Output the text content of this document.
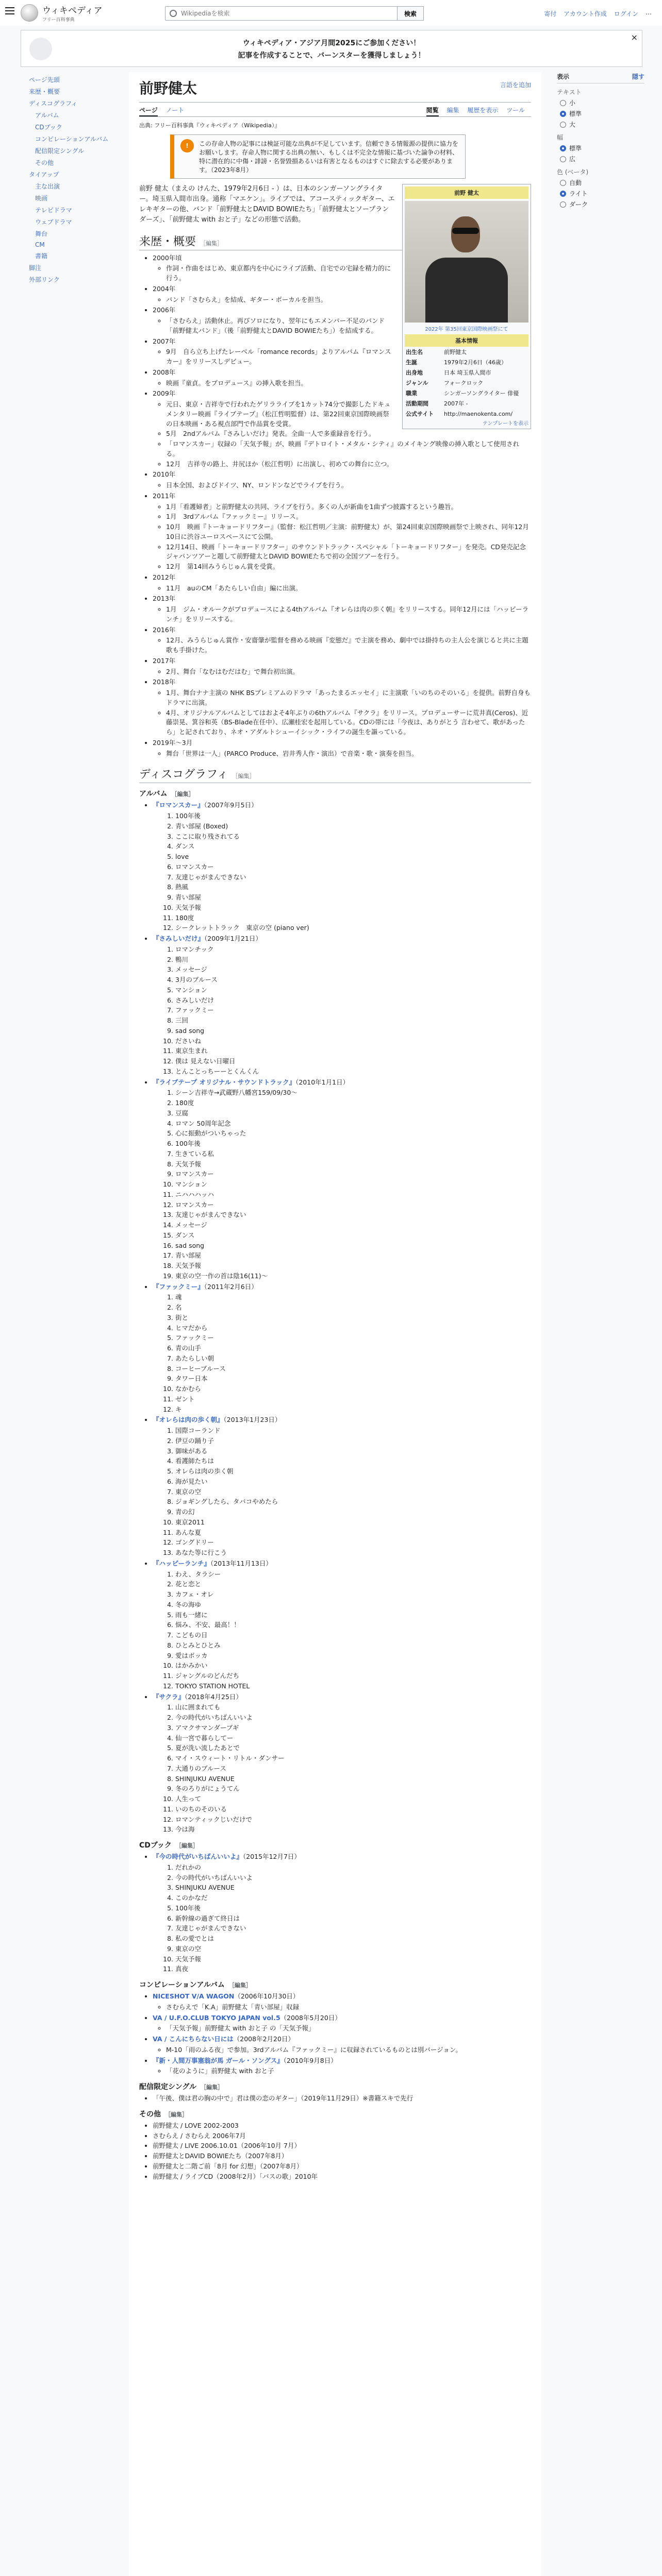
ウィキペディア
フリー百科事典
Wikipediaを検索
検索	寄付 アカウント作成 ログイン ⋯
ウィキペディア・アジア月間2025にご参加ください！
記事を作成することで、バーンスターを獲得しましょう！
×
ページ先頭
来歴・概要
ディスコグラフィ
アルバム
CDブック
コンピレーションアルバム
配信限定シングル
その他
タイアップ
主な出演
映画
テレビドラマ
ウェブドラマ
舞台
CM
書籍
脚注
外部リンク
前野健太	言語を追加
ページ ノート	閲覧 編集 履歴を表示 ツール
出典: フリー百科事典『ウィキペディア（Wikipedia）』
!	この存命人物の記事には検証可能な出典が不足しています。信頼できる情報源の提供に協力をお願いします。存命人物に関する出典の無い、もしくは不完全な情報に基づいた論争の材料、特に潜在的に中傷・誹謗・名誉毀損あるいは有害となるものはすぐに除去する必要があります。（2023年8月）
前野 健太
2022年 第35回東京国際映画祭にて
基本情報
出生名	前野健太
生誕	1979年2月6日（46歳）
出身地	日本 埼玉県入間市
ジャンル	フォークロック
職業	シンガーソングライター 俳優
活動期間	2007年 -
公式サイト	http://maenokenta.com/
テンプレートを表示

前野 健太（まえの けんた、1979年2月6日 - ）は、日本のシンガーソングライター。埼玉県入間市出身。通称「マエケン」。ライブでは、アコースティックギター、エレキギターの他、バンド「前野健太とDAVID BOWIEたち」「前野健太とソープランダーズ」、「前野健太 with おと子」などの形態で活動。

来歴・概要 ［編集］
• 2000年頃
◦ 作詞・作曲をはじめ、東京都内を中心にライブ活動、自宅での宅録を精力的に行う。
• 2004年
◦ バンド「さむらえ」を結成、ギター・ボーカルを担当。
• 2006年
◦ 「さむらえ」活動休止。再びソロになり、翌年にもエメンバー不足のバンド「前野健太バンド」（後「前野健太とDAVID BOWIEたち」）を結成する。
• 2007年
◦ 9月　自ら立ち上げたレーベル「romance records」よりアルバム『ロマンスカー』をリリースしデビュー。
• 2008年
◦ 映画『童貞。をプロデュース』の挿入歌を担当。
• 2009年
◦ 元日、東京・吉祥寺で行われたゲリラライブを1カット74分で撮影したドキュメンタリー映画『ライブテープ』（松江哲明監督）は、第22回東京国際映画祭の日本映画・ある視点部門で作品賞を受賞。
◦ 5月　2ndアルバム『さみしいだけ』発表。全曲一人で多重録音を行う。
◦ 「ロマンスカー」収録の「天気予報」が、映画『デトロイト・メタル・シティ』のメイキング映像の挿入歌として使用される。
◦ 12月　吉祥寺の路上、井尻ほか（松江哲明）に出演し、初めての舞台に立つ。
• 2010年
◦ 日本全国、およびドイツ、NY、ロンドンなどでライブを行う。
• 2011年
◦ 1月「看護婦者」と前野健太の共同、ライブを行う。多くの人が新曲を1曲ずつ披露するという趣旨。
◦ 1月　3rdアルバム『ファックミー』リリース。
◦ 10月　映画『トーキョードリフター』（監督：松江哲明／主演：前野健太）が、第24回東京国際映画祭で上映され、同年12月10日に渋谷ユーロスペースにて公開。
◦ 12月14日、映画「トーキョードリフター」のサウンドトラック・スペシャル「トーキョードリフター」を発売。CD発売記念ジャパンツアーと題して前野健太とDAVID BOWIEたちで初の全国ツアーを行う。
◦ 12月　第14回みうらじゅん賞を受賞。
• 2012年
◦ 11月　auのCM「あたらしい自由」編に出演。
• 2013年
◦ 1月　ジム・オルークがプロデュースによる4thアルバム『オレらは肉の歩く朝』をリリースする。同年12月には「ハッピーランチ」をリリースする。
• 2016年
◦ 12月、みうらじゅん賞作・安齋肇が監督を務める映画『変態だ』で主演を務め、劇中では掛持ちの主人公を演じると共に主題歌も手掛けた。
• 2017年
◦ 2月、舞台「なむはむだはむ」で舞台初出演。
• 2018年
◦ 1月、舞台ナナ主演の NHK BSプレミアムのドラマ「あったまるエッセイ」に主演歌「いのちのそのいる」を提供。前野自身もドラマに出演。
◦ 4月、オリジナルアルバムとしてはおよそ4年ぶりの6thアルバム『サクラ』をリリース。プロデューサーに荒井真(Ceros)、近藤崇晃、箕谷和英（BS-Blade在任中）、広瀬桂宏を起用している。CDの帯には「今夜は、ありがとう 言わせて、歌があったら」と記されており、ネオ・アダルトシューイシック・ライフの誕生を謳っている。
• 2019年〜3月
◦ 舞台「世界は一人」(PARCO Produce、岩井秀人作・演出）で音楽・歌・演奏を担当。
ディスコグラフィ ［編集］
アルバム ［編集］
• 『ロマンスカー』（2007年9月5日）
1. 100年後
2. 青い部屋 (Boxed)
3. ここに取り残されてる
4. ダンス
5. love
6. ロマンスカー
7. 友達じゃがまんできない
8. 熱風
9. 青い部屋
10. 天気予報
11. 180度
12. シークレットトラック　東京の空 (piano ver)
• 『さみしいだけ』（2009年1月21日）
1. ロマンチック
2. 鴨川
3. メッセージ
4. 3月のブルース
5. マンション
6. さみしいだけ
7. ファックミー
8. 三回
9. sad song
10. ださいね
11. 東京生まれ
12. 僕は 見えない日曜日
13. とんことっちーーとくんくん
• 『ライブテープ オリジナル・サウンドトラック』（2010年1月1日）
1. シーン吉祥寺→武蔵野八幡宮159/09/30〜
2. 180度
3. 豆腐
4. ロマン 50周年記念
5. 心に振動がついちゃった
6. 100年後
7. 生きている私
8. 天気予報
9. ロマンスカー
10. マンション
11. ニハハハッハ
12. ロマンスカー
13. 友達じゃがまんできない
14. メッセージ
15. ダンス
16. sad song
17. 青い部屋
18. 天気予報
19. 東京の空一作の首は陰16(11)〜
• 『ファックミー』（2011年2月6日）
1. 魂
2. 名
3. 街と
4. ヒマだから
5. ファックミー
6. 青の山手
7. あたらしい朝
8. コーヒーブルース
9. タワー日本
10. なかむら
11. ゼント
12. キ
• 『オレらは肉の歩く朝』（2013年1月23日）
1. 国際コーランド
2. 伊豆の踊り子
3. 御味がある
4. 看護師たちは
5. オレらは肉の歩く朝
6. 海が見たい
7. 東京の空
8. ジョギングしたら、タバコやめたら
9. 青の幻
10. 東京2011
11. あんな夏
12. ゴングドリー
13. あなた等に行こう
• 『ハッピーランチ』（2013年11月13日）
1. わえ、タラシー
2. 花と恋と
3. カフェ・オレ
4. 冬の海ゆ
5. 雨も一緒に
6. 悩み、不安、最高！！
7. こどもの日
8. ひとみとひとみ
9. 愛はボッカ
10. はかみかい
11. ジャングルのどんだち
12. TOKYO STATION HOTEL
• 『サクラ』（2018年4月25日）
1. 山に囲まれても
2. 今の時代がいちばんいいよ
3. アマクサマンダーブギ
4. 仙一宮で暮らしてー
5. 夏が洗い流したあとで
6. マイ・スウィート・リトル・ダンサー
7. 大通りのブルース
8. SHINJUKU AVENUE
9. 冬のろりがにょうてん
10. 人生って
11. いのちのそのいる
12. ロマンティックじいだけで
13. 今は海
CDブック ［編集］
• 『今の時代がいちばんいいよ』（2015年12月7日）
1. だれかの
2. 今の時代がいちばんいいよ
3. SHINJUKU AVENUE
4. このかなだ
5. 100年後
6. 新幹線の過ぎて終日は
7. 友達じゃがまんできない
8. 私の愛でとは
9. 東京の空
10. 天気予報
11. 真夜
コンピレーションアルバム ［編集］
• NICESHOT V/A WAGON（2006年10月30日）
◦ さむらえで「K.A」前野健太「青い部屋」収録
• VA / U.F.O.CLUB TOKYO JAPAN vol.5（2008年5月20日）
◦ 「天気予報」前野健太 with おと子 の「天気予報」
• VA / こんにちらない日には（2008年2月20日）
◦ M-10「雨のふる夜」で参加。3rdアルバム『ファックミー』に収録されているものとは別バージョン。
• 『新・人間万事塞翁が馬 ガール・ソングス』（2010年9月8日）
◦ 「花のように」前野健太 with おと子
配信限定シングル ［編集］
• 「午後、僕は君の胸の中で」君は僕の恋のギター」（2019年11月29日）※書籍スキで先行
その他 ［編集］
• 前野健太 / LOVE 2002-2003
• さむらえ / さむらえ 2006年7月
• 前野健太 / LIVE 2006.10.01（2006年10月 7月）
• 前野健太とDAVID BOWIEたち（2007年8月）
• 前野健太と二階ご前「8月 for 幻想」（2007年8月）
• 前野健太 / ライブCD（2008年2月）「バスの歌」2010年
表示	隠す
テキスト
小
標準
大
幅
標準
広
色 (ベータ)
自動
ライト
ダーク
